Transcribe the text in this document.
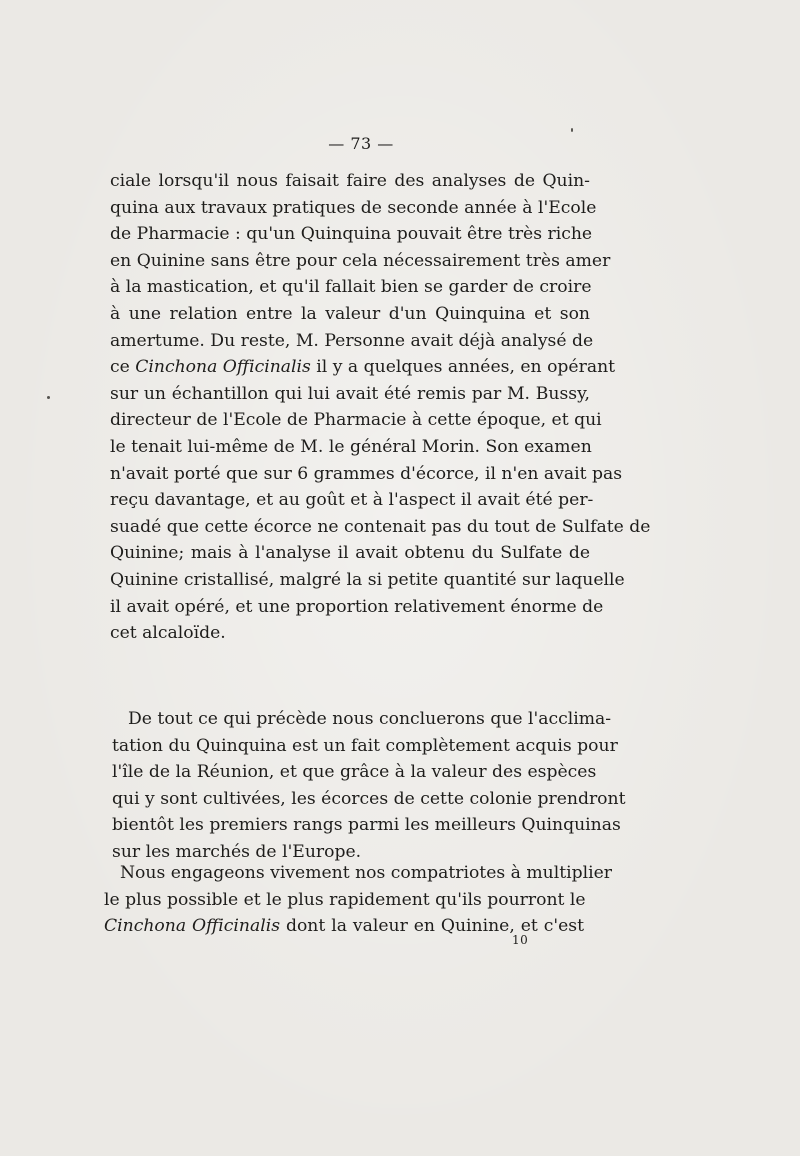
— 73 —
ciale lorsqu'il nous faisait faire des analyses de Quin-
quina aux travaux pratiques de seconde année à l'Ecole
de Pharmacie : qu'un Quinquina pouvait être très riche
en Quinine sans être pour cela nécessairement très amer
à la mastication, et qu'il fallait bien se garder de croire
à une relation entre la valeur d'un Quinquina et son
amertume. Du reste, M. Personne avait déjà analysé de
ce Cinchona Officinalis il y a quelques années, en opérant
sur un échantillon qui lui avait été remis par M. Bussy,
directeur de l'Ecole de Pharmacie à cette époque, et qui
le tenait lui-même de M. le général Morin. Son examen
n'avait porté que sur 6 grammes d'écorce, il n'en avait pas
reçu davantage, et au goût et à l'aspect il avait été per-
suadé que cette écorce ne contenait pas du tout de Sulfate de
Quinine; mais à l'analyse il avait obtenu du Sulfate de
Quinine cristallisé, malgré la si petite quantité sur laquelle
il avait opéré, et une proportion relativement énorme de
cet alcaloïde.
De tout ce qui précède nous concluerons que l'acclima-
tation du Quinquina est un fait complètement acquis pour
l'île de la Réunion, et que grâce à la valeur des espèces
qui y sont cultivées, les écorces de cette colonie prendront
bientôt les premiers rangs parmi les meilleurs Quinquinas
sur les marchés de l'Europe.
Nous engageons vivement nos compatriotes à multiplier
le plus possible et le plus rapidement qu'ils pourront le
Cinchona Officinalis dont la valeur en Quinine, et c'est
10
